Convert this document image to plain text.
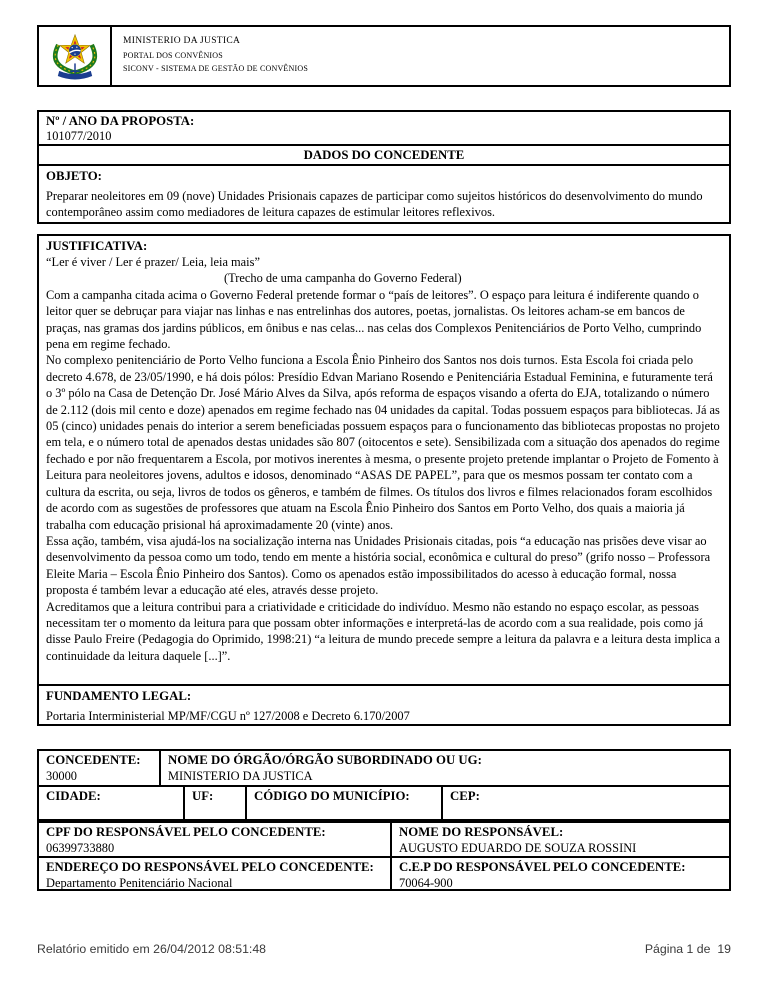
MINISTERIO DA JUSTICA
PORTAL DOS CONVÊNIOS
SICONV - SISTEMA DE GESTÃO DE CONVÊNIOS
Nº / ANO DA PROPOSTA:
101077/2010
DADOS DO CONCEDENTE
OBJETO:
Preparar neoleitores em 09 (nove) Unidades Prisionais capazes de participar como sujeitos históricos do desenvolvimento do mundo contemporâneo assim como mediadores de leitura capazes de estimular leitores reflexivos.
JUSTIFICATIVA:
“Ler é viver / Ler é prazer/ Leia, leia mais”
(Trecho de uma campanha do Governo Federal)
Com a campanha citada acima o Governo Federal pretende formar o “país de leitores”. O espaço para leitura é indiferente quando o leitor quer se debruçar para viajar nas linhas e nas entrelinhas dos autores, poetas, jornalistas. Os leitores acham-se em bancos de praças, nas gramas dos jardins públicos, em ônibus e nas celas... nas celas dos Complexos Penitenciários de Porto Velho, cumprindo pena em regime fechado.
No complexo penitenciário de Porto Velho funciona a Escola Ênio Pinheiro dos Santos nos dois turnos. Esta Escola foi criada pelo decreto 4.678, de 23/05/1990, e há dois pólos: Presídio Edvan Mariano Rosendo e Penitenciária Estadual Feminina, e futuramente terá o 3º pólo na Casa de Detenção Dr. José Mário Alves da Silva, após reforma de espaços visando a oferta do EJA, totalizando o número de 2.112 (dois mil cento e doze) apenados em regime fechado nas 04 unidades da capital. Todas possuem espaços para bibliotecas. Já as 05 (cinco) unidades penais do interior a serem beneficiadas possuem espaços para o funcionamento das bibliotecas propostas no projeto em tela, e o número total de apenados destas unidades são 807 (oitocentos e sete). Sensibilizada com a situação dos apenados do regime fechado e por não frequentarem a Escola, por motivos inerentes à mesma, o presente projeto pretende implantar o Projeto de Fomento à Leitura para neoleitores jovens, adultos e idosos, denominado “ASAS DE PAPEL”, para que os mesmos possam ter contato com a cultura da escrita, ou seja, livros de todos os gêneros, e também de filmes. Os títulos dos livros e filmes relacionados foram escolhidos de acordo com as sugestões de professores que atuam na Escola Ênio Pinheiro dos Santos em Porto Velho, dos quais a maioria já trabalha com educação prisional há aproximadamente 20 (vinte) anos.
Essa ação, também, visa ajudá-los na socialização interna nas Unidades Prisionais citadas, pois “a educação nas prisões deve visar ao desenvolvimento da pessoa como um todo, tendo em mente a história social, econômica e cultural do preso” (grifo nosso – Professora Eleite Maria – Escola Ênio Pinheiro dos Santos). Como os apenados estão impossibilitados do acesso à educação formal, nossa proposta é também levar a educação até eles, através desse projeto.
Acreditamos que a leitura contribui para a criatividade e criticidade do indivíduo. Mesmo não estando no espaço escolar, as pessoas necessitam ter o momento da leitura para que possam obter informações e interpretá-las de acordo com a sua realidade, pois como já disse Paulo Freire (Pedagogia do Oprimido, 1998:21) “a leitura de mundo precede sempre a leitura da palavra e a leitura desta implica a continuidade da leitura daquele [...]”.
FUNDAMENTO LEGAL:
Portaria Interministerial MP/MF/CGU nº 127/2008 e Decreto 6.170/2007
CONCEDENTE:
30000
NOME DO ÓRGÃO/ÓRGÃO SUBORDINADO OU UG:
MINISTERIO DA JUSTICA
CIDADE:	UF:	CÓDIGO DO MUNICÍPIO:	CEP:
CPF DO RESPONSÁVEL PELO CONCEDENTE:
06399733880
NOME DO RESPONSÁVEL:
AUGUSTO EDUARDO DE SOUZA ROSSINI
ENDEREÇO DO RESPONSÁVEL PELO CONCEDENTE:
Departamento Penitenciário Nacional
C.E.P DO RESPONSÁVEL PELO CONCEDENTE:
70064-900
Relatório emitido em 26/04/2012 08:51:48	Página 1 de  19
